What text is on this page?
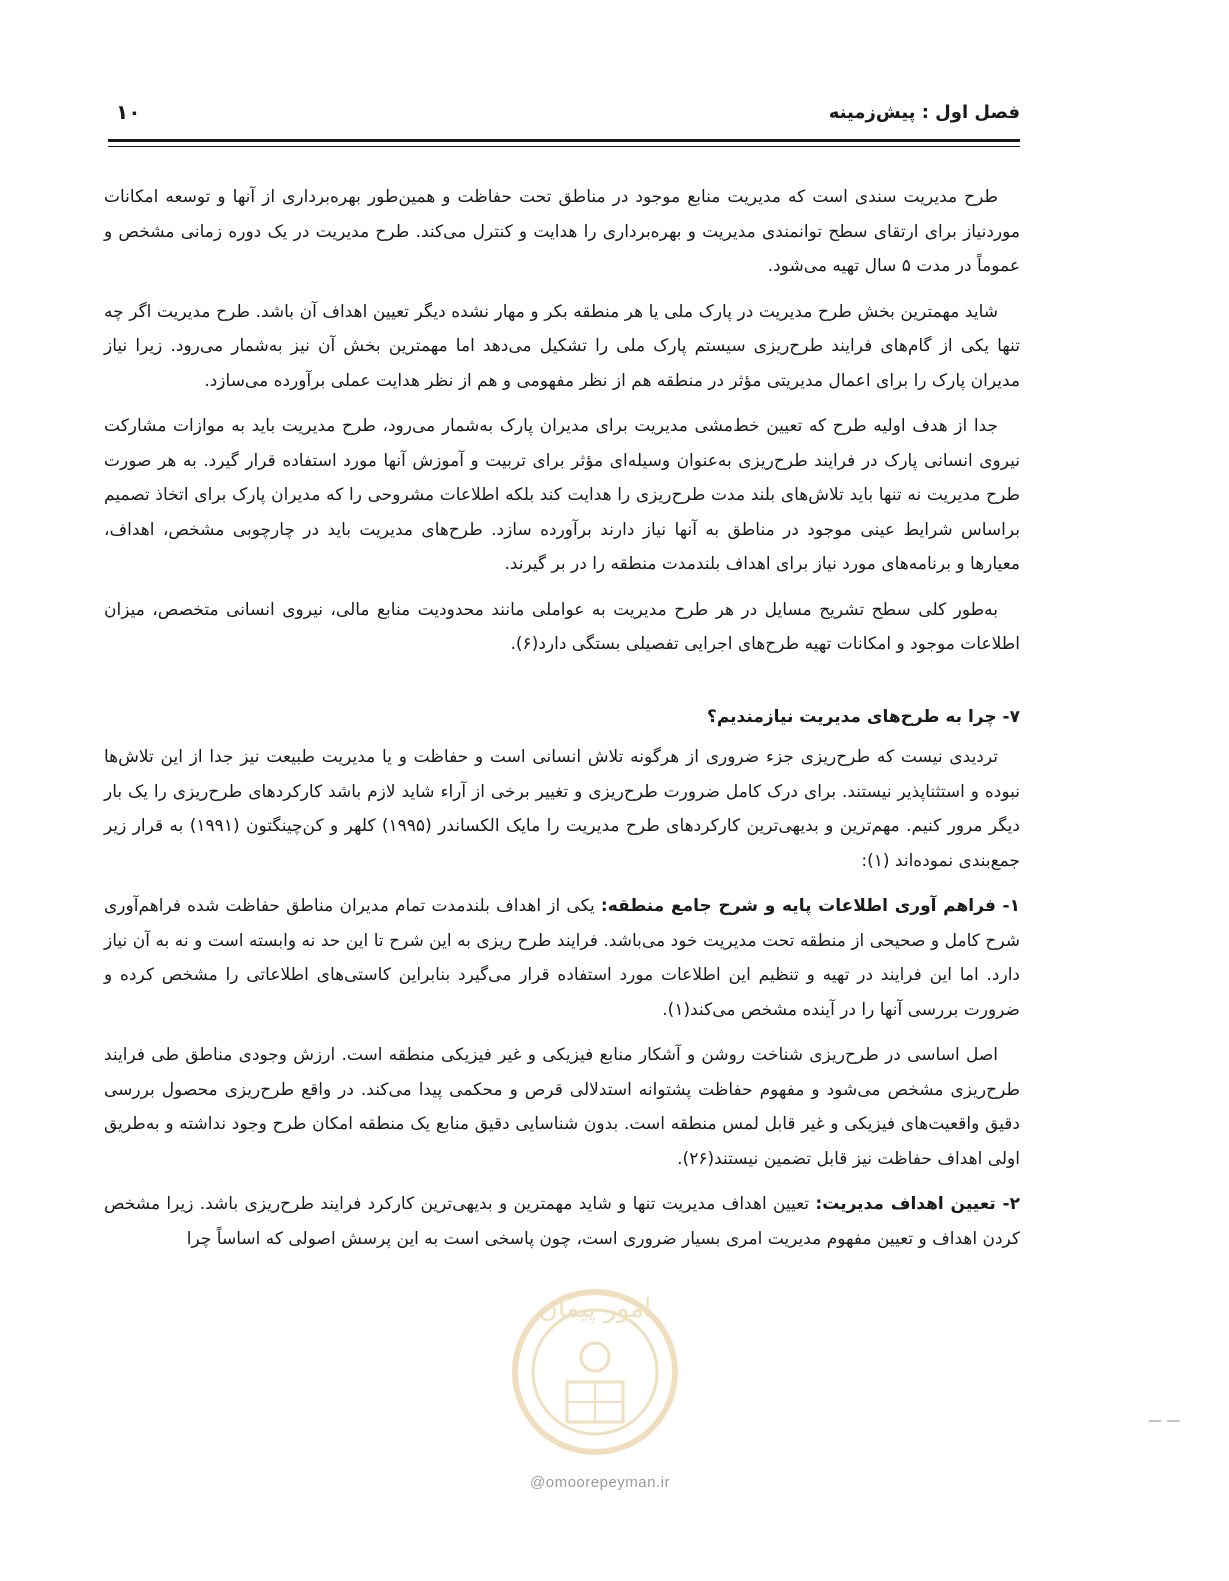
فصل اول : پیش‌زمینه
۱۰

طرح مدیریت سندی است که مدیریت منابع موجود در مناطق تحت حفاظت و همین‌طور بهره‌برداری از آنها و توسعه امکانات موردنیاز برای ارتقای سطح توانمندی مدیریت و بهره‌برداری را هدایت و کنترل می‌کند. طرح مدیریت در یک دوره زمانی مشخص و عموماً در مدت ۵ سال تهیه می‌شود.

شاید مهمترین بخش طرح مدیریت در پارک ملی یا هر منطقه بکر و مهار نشده دیگر تعیین اهداف آن باشد. طرح مدیریت اگر چه تنها یکی از گام‌های فرایند طرح‌ریزی سیستم پارک ملی را تشکیل می‌دهد اما مهمترین بخش آن نیز به‌شمار می‌رود. زیرا نیاز مدیران پارک را برای اعمال مدیریتی مؤثر در منطقه هم از نظر مفهومی و هم از نظر هدایت عملی برآورده می‌سازد.

جدا از هدف اولیه طرح که تعیین خط‌مشی مدیریت برای مدیران پارک به‌شمار می‌رود، طرح مدیریت باید به موازات مشارکت نیروی انسانی پارک در فرایند طرح‌ریزی به‌عنوان وسیله‌ای مؤثر برای تربیت و آموزش آنها مورد استفاده قرار گیرد. به هر صورت طرح مدیریت نه تنها باید تلاش‌های بلند مدت طرح‌ریزی را هدایت کند بلکه اطلاعات مشروحی را که مدیران پارک برای اتخاذ تصمیم براساس شرایط عینی موجود در مناطق به آنها نیاز دارند برآورده سازد. طرح‌های مدیریت باید در چارچوبی مشخص، اهداف، معیارها و برنامه‌های مورد نیاز برای اهداف بلندمدت منطقه را در بر گیرند.

به‌طور کلی سطح تشریح مسایل در هر طرح مدیریت به عواملی مانند محدودیت منابع مالی، نیروی انسانی متخصص، میزان اطلاعات موجود و امکانات تهیه طرح‌های اجرایی تفصیلی بستگی دارد(۶).

۷- چرا به طرح‌های مدیریت نیازمندیم؟

تردیدی نیست که طرح‌ریزی جزء ضروری از هرگونه تلاش انسانی است و حفاظت و یا مدیریت طبیعت نیز جدا از این تلاش‌ها نبوده و استثناپذیر نیستند. برای درک کامل ضرورت طرح‌ریزی و تغییر برخی از آراء شاید لازم باشد کارکردهای طرح‌ریزی را یک بار دیگر مرور کنیم. مهم‌ترین و بدیهی‌ترین کارکردهای طرح مدیریت را مایک الکساندر (۱۹۹۵) کلهر و کن‌چینگتون (۱۹۹۱) به قرار زیر جمع‌بندی نموده‌اند (۱):

۱- فراهم آوری اطلاعات پایه و شرح جامع منطقه: یکی از اهداف بلندمدت تمام مدیران مناطق حفاظت شده فراهم‌آوری شرح کامل و صحیحی از منطقه تحت مدیریت خود می‌باشد. فرایند طرح ریزی به این شرح تا این حد نه وابسته است و نه به آن نیاز دارد. اما این فرایند در تهیه و تنظیم این اطلاعات مورد استفاده قرار می‌گیرد بنابراین کاستی‌های اطلاعاتی را مشخص کرده و ضرورت بررسی آنها را در آینده مشخص می‌کند(۱).

اصل اساسی در طرح‌ریزی شناخت روشن و آشکار منابع فیزیکی و غیر فیزیکی منطقه است. ارزش وجودی مناطق طی فرایند طرح‌ریزی مشخص می‌شود و مفهوم حفاظت پشتوانه استدلالی قرص و محکمی پیدا می‌کند. در واقع طرح‌ریزی محصول بررسی دقیق واقعیت‌های فیزیکی و غیر قابل لمس منطقه است. بدون شناسایی دقیق منابع یک منطقه امکان طرح وجود نداشته و به‌طریق اولی اهداف حفاظت نیز قابل تضمین نیستند(۲۶).

۲- تعیین اهداف مدیریت: تعیین اهداف مدیریت تنها و شاید مهمترین و بدیهی‌ترین کارکرد فرایند طرح‌ریزی باشد. زیرا مشخص کردن اهداف و تعیین مفهوم مدیریت امری بسیار ضروری است، چون پاسخی است به این پرسش اصولی که اساساً چرا

امور پیمان
@omoorepeyman.ir
— —
